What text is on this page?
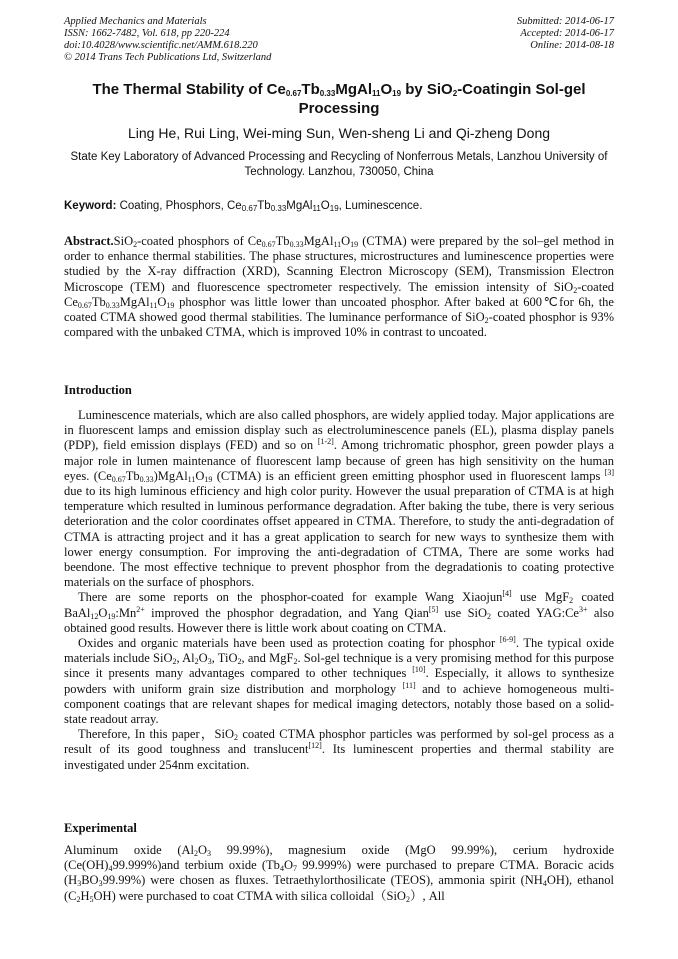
Applied Mechanics and Materials
ISSN: 1662-7482, Vol. 618, pp 220-224
doi:10.4028/www.scientific.net/AMM.618.220
© 2014 Trans Tech Publications Ltd, Switzerland
Submitted: 2014-06-17
Accepted: 2014-06-17
Online: 2014-08-18
The Thermal Stability of $Ce_{0.67}Tb_{0.33}MgAl_{11}O_{19}$ by SiO$_2$-Coatingin Sol-gel Processing
Ling He, Rui Ling, Wei-ming Sun, Wen-sheng Li and Qi-zheng Dong
State Key Laboratory of Advanced Processing and Recycling of Nonferrous Metals, Lanzhou University of Technology. Lanzhou, 730050, China
Keyword: Coating, Phosphors, $Ce_{0.67}Tb_{0.33}MgAl_{11}O_{19}$, Luminescence.

Abstract.SiO$_2$-coated phosphors of $Ce_{0.67}Tb_{0.33}MgAl_{11}O_{19}$ (CTMA) were prepared by the sol–gel method in order to enhance thermal stabilities. The phase structures, microstructures and luminescence properties were studied by the X-ray diffraction (XRD), Scanning Electron Microscopy (SEM), Transmission Electron Microscope (TEM) and fluorescence spectrometer respectively. The emission intensity of SiO$_2$-coated $Ce_{0.67}Tb_{0.33}MgAl_{11}O_{19}$ phosphor was little lower than uncoated phosphor. After baked at 600℃for 6h, the coated CTMA showed good thermal stabilities. The luminance performance of SiO$_2$-coated phosphor is 93% compared with the unbaked CTMA, which is improved 10% in contrast to uncoated.

Introduction

Luminescence materials, which are also called phosphors, are widely applied today. Major applications are in fluorescent lamps and emission display such as electroluminescence panels (EL), plasma display panels (PDP), field emission displays (FED) and so on [1-2]. Among trichromatic phosphor, green powder plays a major role in lumen maintenance of fluorescent lamp because of green has high sensitivity on the human eyes. $(Ce_{0.67}Tb_{0.33})MgAl_{11}O_{19}$ (CTMA) is an efficient green emitting phosphor used in fluorescent lamps [3] due to its high luminous efficiency and high color purity. However the usual preparation of CTMA is at high temperature which resulted in luminous performance degradation. After baking the tube, there is very serious deterioration and the color coordinates offset appeared in CTMA. Therefore, to study the anti-degradation of CTMA is attracting project and it has a great application to search for new ways to synthesize them with lower energy consumption. For improving the anti-degradation of CTMA, There are some works had beendone. The most effective technique to prevent phosphor from the degradationis to coating protective materials on the surface of phosphors.

There are some reports on the phosphor-coated for example Wang Xiaojun[4] use MgF$_2$ coated $BaAl_{12}O_{19}:Mn^{2+}$ improved the phosphor degradation, and Yang Qian[5] use SiO$_2$ coated $YAG:Ce^{3+}$ also obtained good results. However there is little work about coating on CTMA.

Oxides and organic materials have been used as protection coating for phosphor [6-9]. The typical oxide materials include SiO$_2$, $Al_2O_3$, TiO$_2$, and MgF$_2$. Sol-gel technique is a very promising method for this purpose since it presents many advantages compared to other techniques [10]. Especially, it allows to synthesize powders with uniform grain size distribution and morphology [11] and to achieve homogeneous multi-component coatings that are relevant shapes for medical imaging detectors, notably those based on a solid-state readout array.

Therefore, In this paper，SiO$_2$ coated CTMA phosphor particles was performed by sol-gel process as a result of its good toughness and translucent[12]. Its luminescent properties and thermal stability are investigated under 254nm excitation.

Experimental

Aluminum oxide ($Al_2O_3$ 99.99%), magnesium oxide (MgO 99.99%), cerium hydroxide $(Ce(OH)_499.999\%)and$ terbium oxide ($Tb_4O_7$ 99.999%) were purchased to prepare CTMA. Boracic acids $(H_3BO_399.99\%)$ were chosen as fluxes. Tetraethylorthosilicate (TEOS), ammonia spirit $(NH_4OH)$, ethanol $(C_2H_5OH)$ were purchased to coat CTMA with silica colloidal（SiO$_2$）, All
